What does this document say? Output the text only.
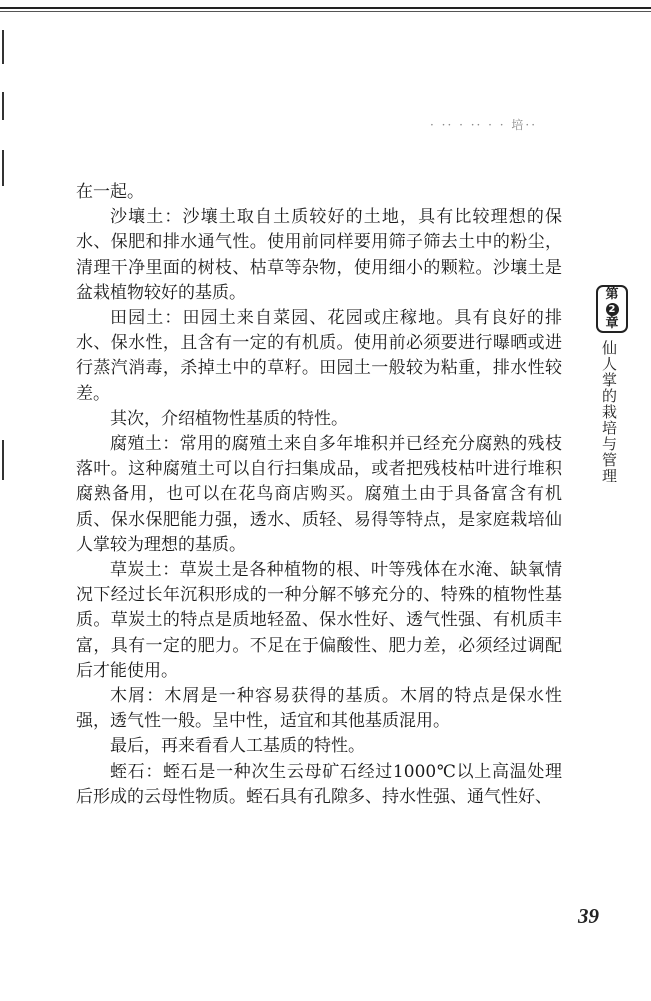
· ·· · ·· · · 培··

在一起。

沙壤土：沙壤土取自土质较好的土地，具有比较理想的保水、保肥和排水通气性。使用前同样要用筛子筛去土中的粉尘，清理干净里面的树枝、枯草等杂物，使用细小的颗粒。沙壤土是盆栽植物较好的基质。

田园土：田园土来自菜园、花园或庄稼地。具有良好的排水、保水性，且含有一定的有机质。使用前必须要进行曝晒或进行蒸汽消毒，杀掉土中的草籽。田园土一般较为粘重，排水性较差。

其次，介绍植物性基质的特性。

腐殖土：常用的腐殖土来自多年堆积并已经充分腐熟的残枝落叶。这种腐殖土可以自行扫集成品，或者把残枝枯叶进行堆积腐熟备用，也可以在花鸟商店购买。腐殖土由于具备富含有机质、保水保肥能力强，透水、质轻、易得等特点，是家庭栽培仙人掌较为理想的基质。

草炭土：草炭土是各种植物的根、叶等残体在水淹、缺氧情况下经过长年沉积形成的一种分解不够充分的、特殊的植物性基质。草炭土的特点是质地轻盈、保水性好、透气性强、有机质丰富，具有一定的肥力。不足在于偏酸性、肥力差，必须经过调配后才能使用。

木屑：木屑是一种容易获得的基质。木屑的特点是保水性强，透气性一般。呈中性，适宜和其他基质混用。

最后，再来看看人工基质的特性。

蛭石：蛭石是一种次生云母矿石经过1000℃以上高温处理后形成的云母性物质。蛭石具有孔隙多、持水性强、通气性好、

第
2
章
仙人掌的栽培与管理
39
